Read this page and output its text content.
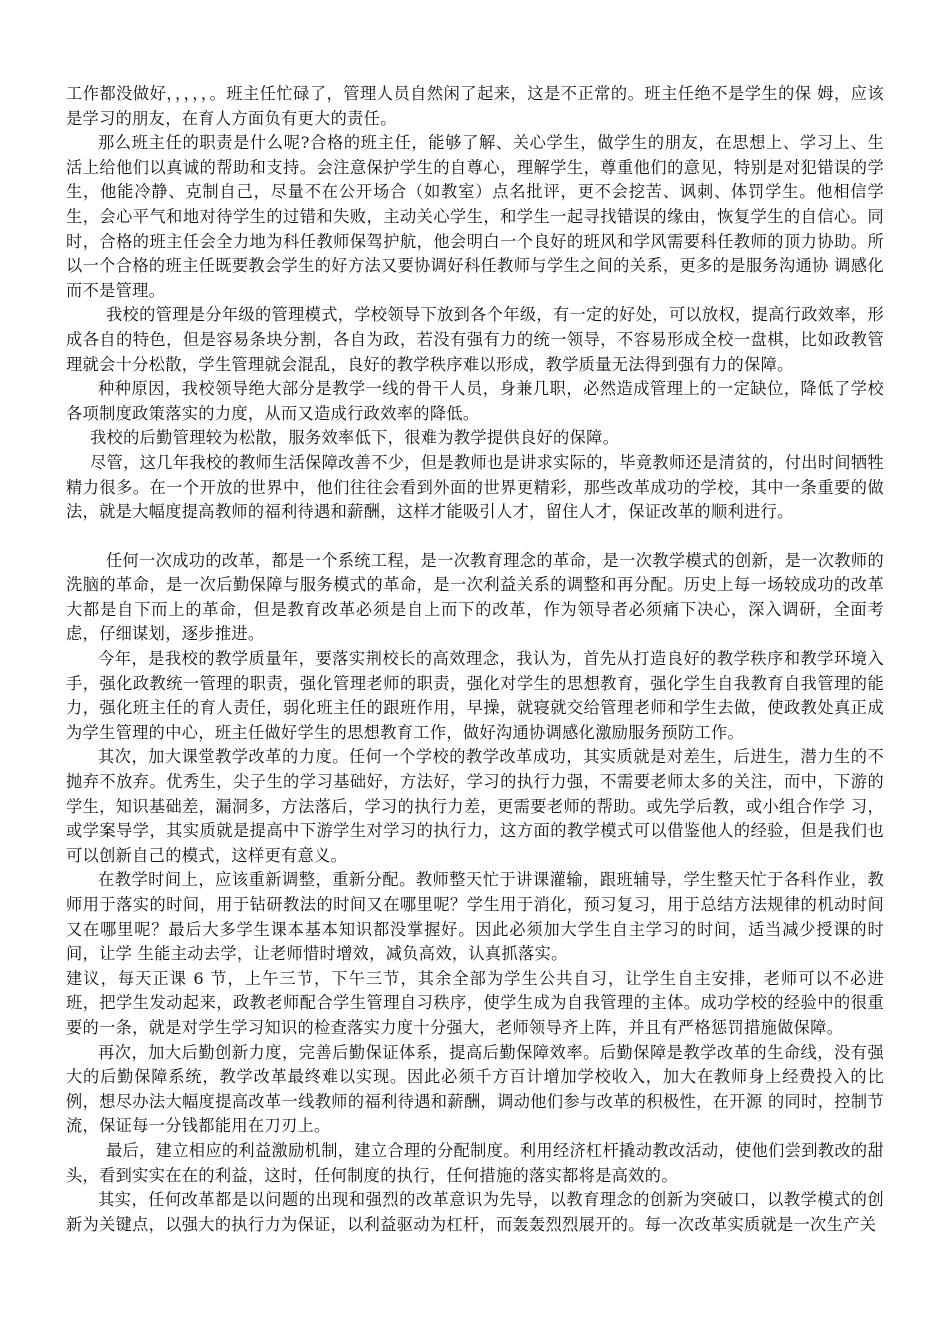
工作都没做好，，，，，。班主任忙碌了，管理人员自然闲了起来，这是不正常的。班主任绝不是学生的保 姆，应该是学习的朋友，在育人方面负有更大的责任。

那么班主任的职责是什么呢?合格的班主任，能够了解、关心学生，做学生的朋友，在思想上、学习上、生活上给他们以真诚的帮助和支持。会注意保护学生的自尊心，理解学生，尊重他们的意见，特别是对犯错误的学生，他能冷静、克制自己，尽量不在公开场合（如教室）点名批评，更不会挖苦、讽刺、体罚学生。他相信学 生，会心平气和地对待学生的过错和失败，主动关心学生，和学生一起寻找错误的缘由，恢复学生的自信心。同时，合格的班主任会全力地为科任教师保驾护航，他会明白一个良好的班风和学风需要科任教师的顶力协助。所以一个合格的班主任既要教会学生的好方法又要协调好科任教师与学生之间的关系，更多的是服务沟通协 调感化而不是管理。

我校的管理是分年级的管理模式，学校领导下放到各个年级，有一定的好处，可以放权，提高行政效率，形成各自的特色，但是容易条块分割，各自为政，若没有强有力的统一领导，不容易形成全校一盘棋，比如政教管理就会十分松散，学生管理就会混乱，良好的教学秩序难以形成，教学质量无法得到强有力的保障。

种种原因，我校领导绝大部分是教学一线的骨干人员，身兼几职，必然造成管理上的一定缺位，降低了学校各项制度政策落实的力度，从而又造成行政效率的降低。

我校的后勤管理较为松散，服务效率低下，很难为教学提供良好的保障。

尽管，这几年我校的教师生活保障改善不少，但是教师也是讲求实际的，毕竟教师还是清贫的，付出时间牺牲精力很多。在一个开放的世界中，他们往往会看到外面的世界更精彩，那些改革成功的学校，其中一条重要的做法，就是大幅度提高教师的福利待遇和薪酬，这样才能吸引人才，留住人才，保证改革的顺利进行。

任何一次成功的改革，都是一个系统工程，是一次教育理念的革命，是一次教学模式的创新，是一次教师的洗脑的革命，是一次后勤保障与服务模式的革命，是一次利益关系的调整和再分配。历史上每一场较成功的改革大都是自下而上的革命，但是教育改革必须是自上而下的改革，作为领导者必须痛下决心，深入调研，全面考 虑，仔细谋划，逐步推进。

今年，是我校的教学质量年，要落实荆校长的高效理念，我认为，首先从打造良好的教学秩序和教学环境入手，强化政教统一管理的职责，强化管理老师的职责，强化对学生的思想教育，强化学生自我教育自我管理的能力，强化班主任的育人责任，弱化班主任的跟班作用，早操，就寝就交给管理老师和学生去做，使政教处真正成为学生管理的中心，班主任做好学生的思想教育工作，做好沟通协调感化激励服务预防工作。

其次，加大课堂教学改革的力度。任何一个学校的教学改革成功，其实质就是对差生，后进生，潜力生的不抛弃不放弃。优秀生，尖子生的学习基础好，方法好，学习的执行力强，不需要老师太多的关注，而中，下游的学生，知识基础差，漏洞多，方法落后，学习的执行力差，更需要老师的帮助。或先学后教，或小组合作学 习，或学案导学，其实质就是提高中下游学生对学习的执行力，这方面的教学模式可以借鉴他人的经验，但是我们也可以创新自己的模式，这样更有意义。

在教学时间上，应该重新调整，重新分配。教师整天忙于讲课灌输，跟班辅导，学生整天忙于各科作业，教师用于落实的时间，用于钻研教法的时间又在哪里呢？学生用于消化，预习复习，用于总结方法规律的机动时间又在哪里呢？最后大多学生课本基本知识都没掌握好。因此必须加大学生自主学习的时间，适当减少授课的时间，让学 生能主动去学，让老师惜时增效，减负高效，认真抓落实。

建议，每天正课 6 节，上午三节，下午三节，其余全部为学生公共自习，让学生自主安排，老师可以不必进 班，把学生发动起来，政教老师配合学生管理自习秩序，使学生成为自我管理的主体。成功学校的经验中的很重要的一条，就是对学生学习知识的检查落实力度十分强大，老师领导齐上阵，并且有严格惩罚措施做保障。

再次，加大后勤创新力度，完善后勤保证体系，提高后勤保障效率。后勤保障是教学改革的生命线，没有强大的后勤保障系统，教学改革最终难以实现。因此必须千方百计增加学校收入，加大在教师身上经费投入的比例，想尽办法大幅度提高改革一线教师的福利待遇和薪酬，调动他们参与改革的积极性，在开源 的同时，控制节流，保证每一分钱都能用在刀刃上。

最后，建立相应的利益激励机制，建立合理的分配制度。利用经济杠杆撬动教改活动，使他们尝到教改的甜头，看到实实在在的利益，这时，任何制度的执行，任何措施的落实都将是高效的。

其实，任何改革都是以问题的出现和强烈的改革意识为先导，以教育理念的创新为突破口，以教学模式的创新为关键点，以强大的执行力为保证，以利益驱动为杠杆，而轰轰烈烈展开的。每一次改革实质就是一次生产关
